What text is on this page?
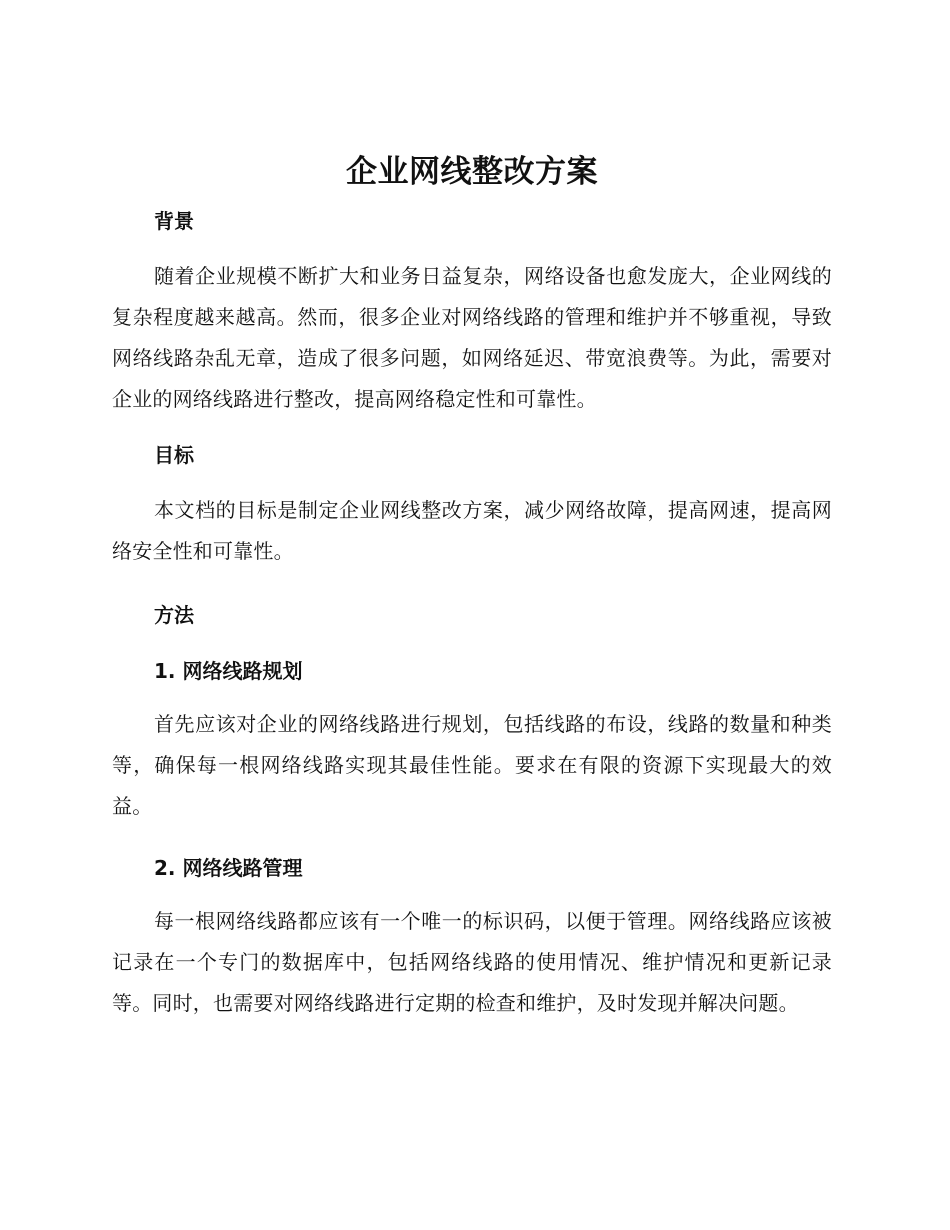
企业网线整改方案
背景

随着企业规模不断扩大和业务日益复杂，网络设备也愈发庞大，企业网线的复杂程度越来越高。然而，很多企业对网络线路的管理和维护并不够重视，导致网络线路杂乱无章，造成了很多问题，如网络延迟、带宽浪费等。为此，需要对企业的网络线路进行整改，提高网络稳定性和可靠性。

目标

本文档的目标是制定企业网线整改方案，减少网络故障，提高网速，提高网络安全性和可靠性。

方法
1. 网络线路规划

首先应该对企业的网络线路进行规划，包括线路的布设，线路的数量和种类等，确保每一根网络线路实现其最佳性能。要求在有限的资源下实现最大的效益。

2. 网络线路管理

每一根网络线路都应该有一个唯一的标识码，以便于管理。网络线路应该被记录在一个专门的数据库中，包括网络线路的使用情况、维护情况和更新记录等。同时，也需要对网络线路进行定期的检查和维护，及时发现并解决问题。
